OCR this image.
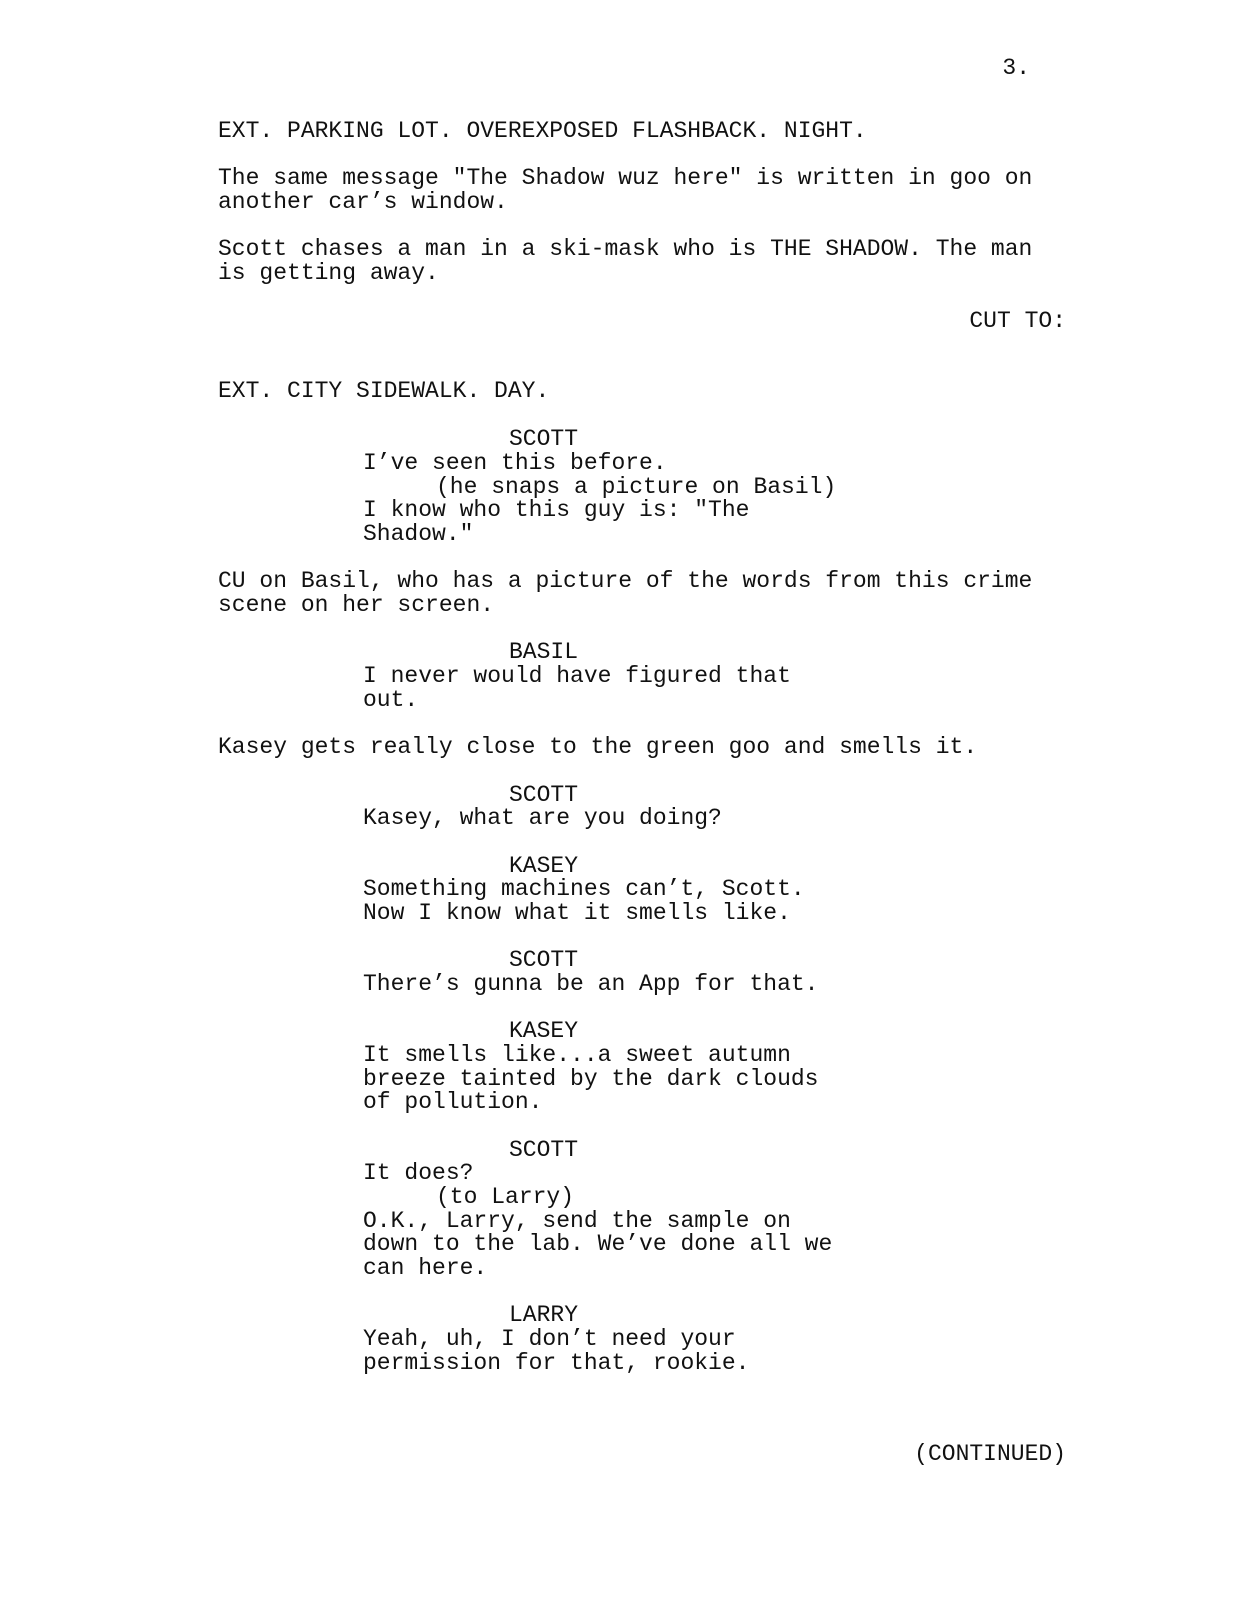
3.

EXT. PARKING LOT. OVEREXPOSED FLASHBACK. NIGHT.

The same message "The Shadow wuz here" is written in goo on

another car’s window.

Scott chases a man in a ski-mask who is THE SHADOW. The man

is getting away.

CUT TO:

EXT. CITY SIDEWALK. DAY.

SCOTT

I’ve seen this before.

(he snaps a picture on Basil)

I know who this guy is: "The

Shadow."

CU on Basil, who has a picture of the words from this crime

scene on her screen.

BASIL

I never would have figured that

out.

Kasey gets really close to the green goo and smells it.

SCOTT

Kasey, what are you doing?

KASEY

Something machines can’t, Scott.

Now I know what it smells like.

SCOTT

There’s gunna be an App for that.

KASEY

It smells like...a sweet autumn

breeze tainted by the dark clouds

of pollution.

SCOTT

It does?

(to Larry)

O.K., Larry, send the sample on

down to the lab. We’ve done all we

can here.

LARRY

Yeah, uh, I don’t need your

permission for that, rookie.

(CONTINUED)
